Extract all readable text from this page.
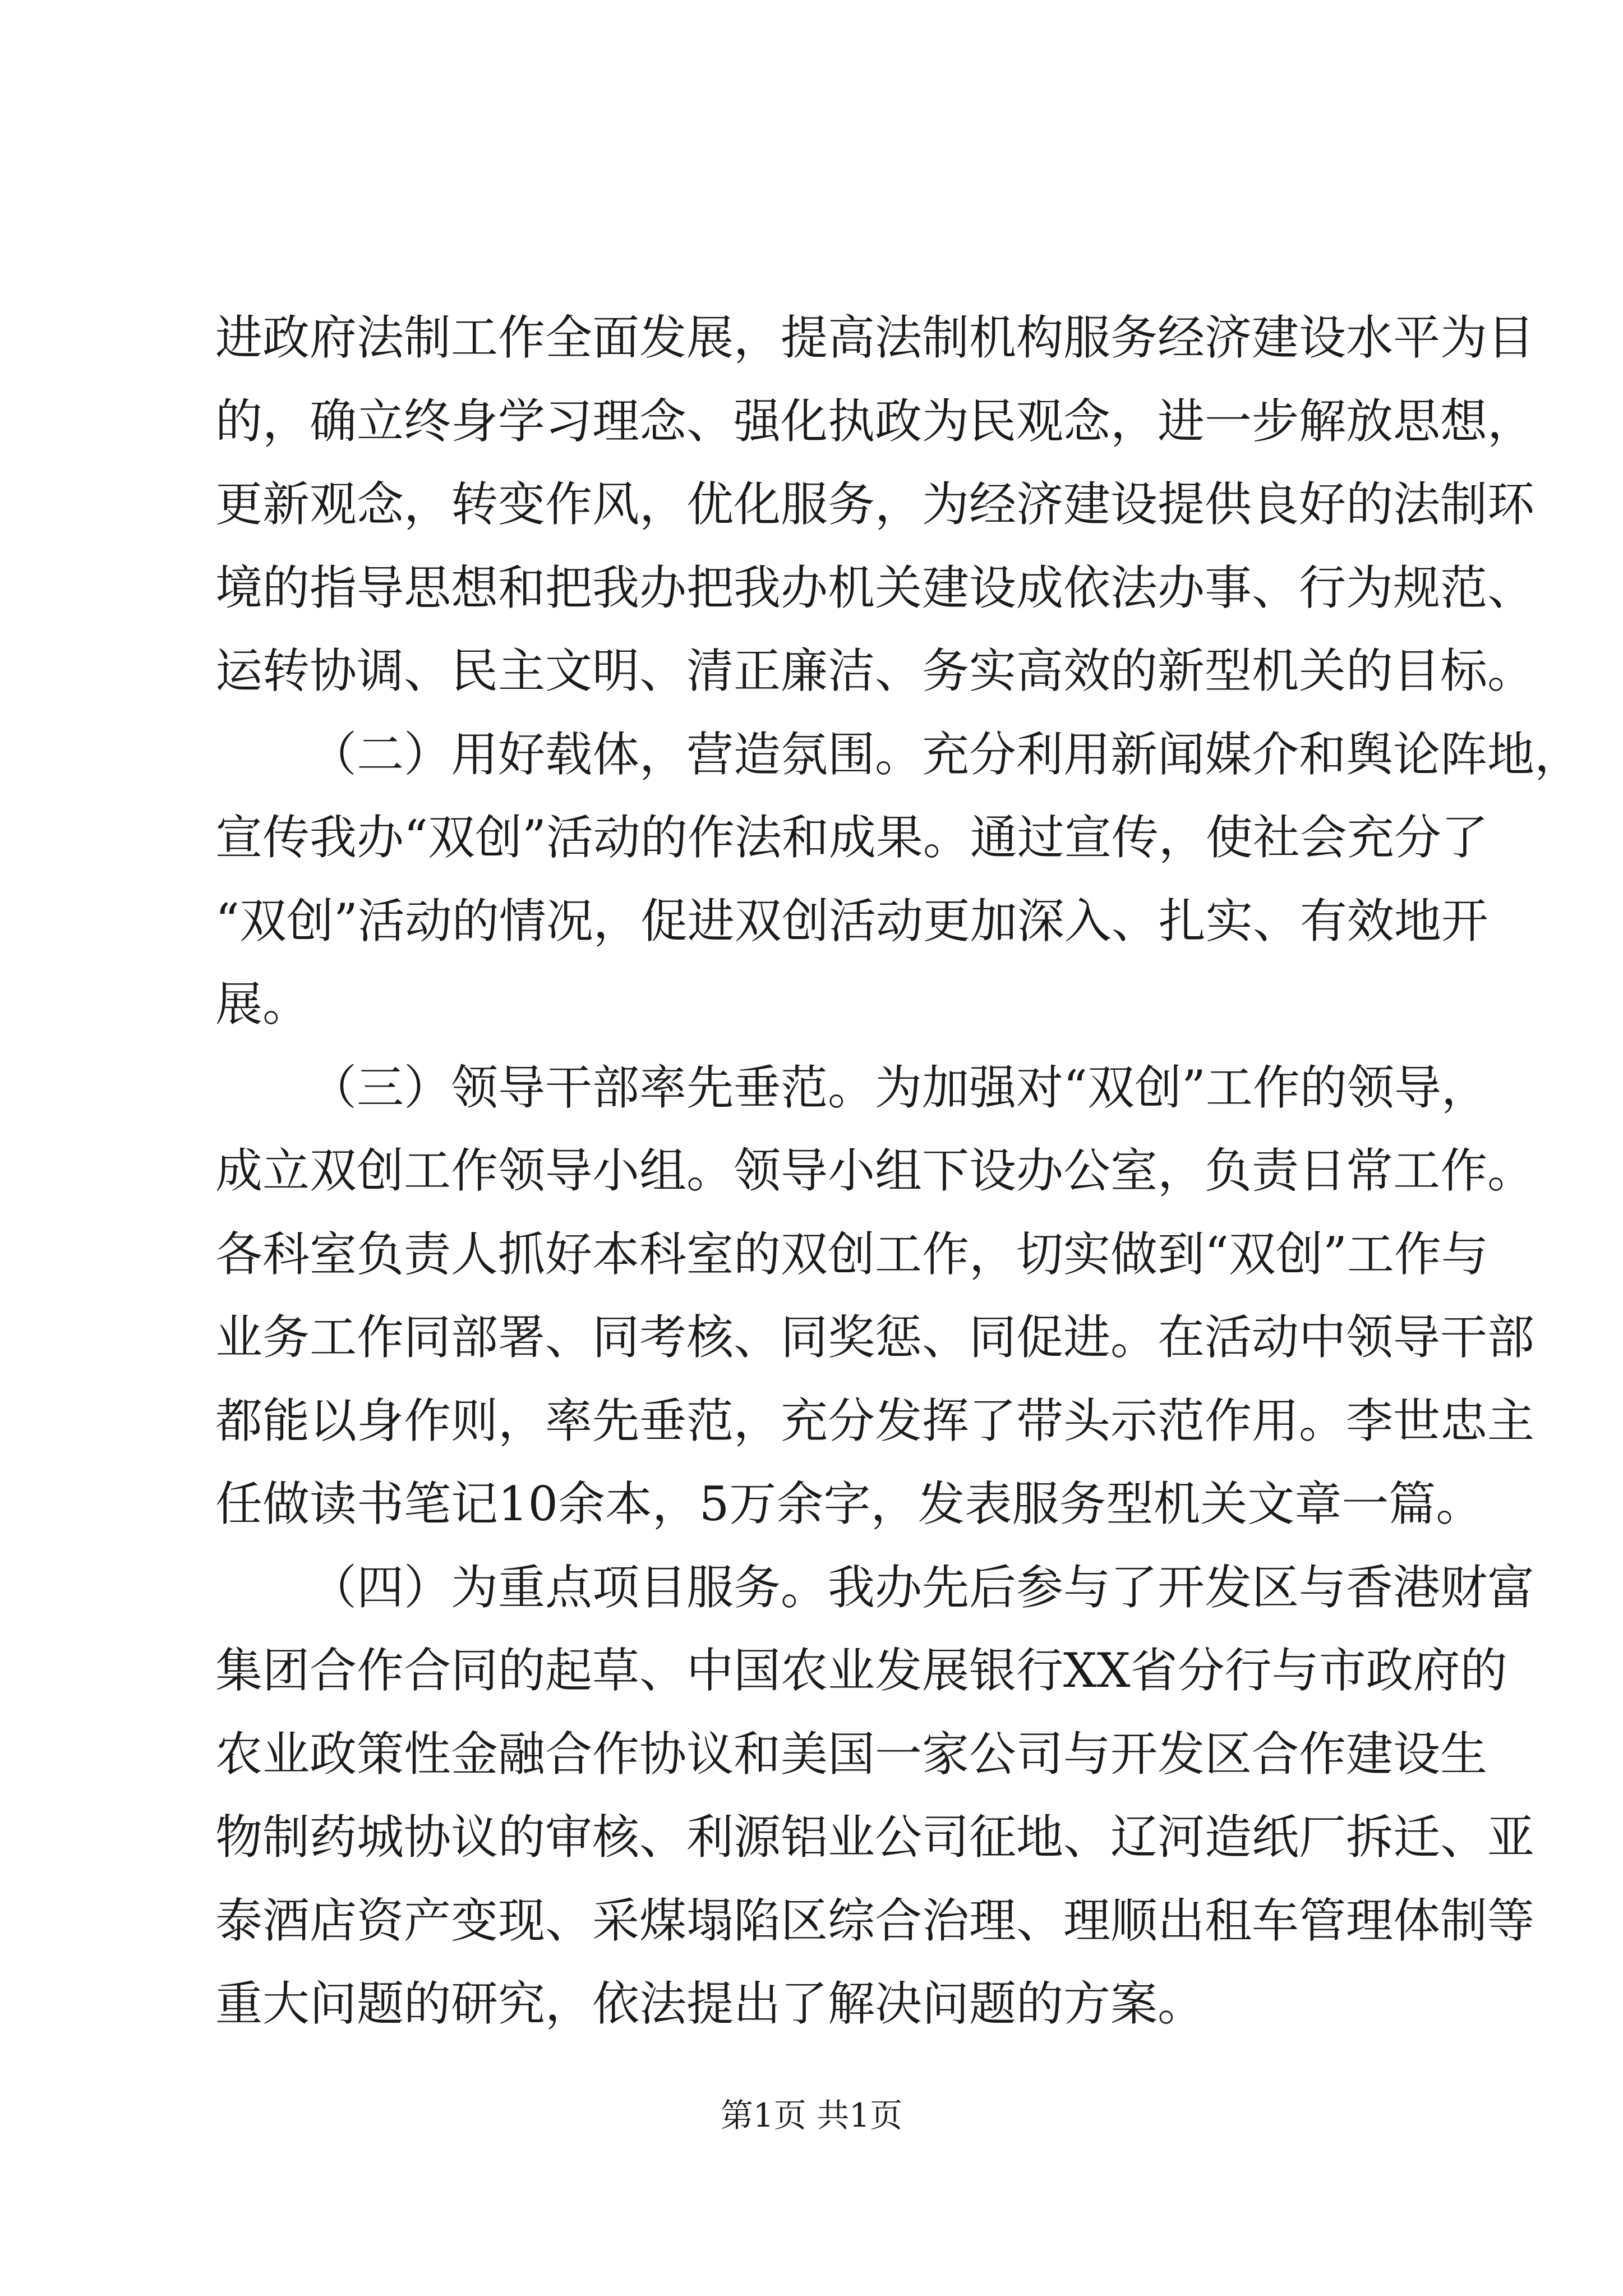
进政府法制工作全面发展，提高法制机构服务经济建设水平为目
的，确立终身学习理念、强化执政为民观念，进一步解放思想，
更新观念，转变作风，优化服务，为经济建设提供良好的法制环
境的指导思想和把我办把我办机关建设成依法办事、行为规范、
运转协调、民主文明、清正廉洁、务实高效的新型机关的目标。
（二）用好载体，营造氛围。充分利用新闻媒介和舆论阵地，
宣传我办“双创”活动的作法和成果。通过宣传，使社会充分了
“双创”活动的情况，促进双创活动更加深入、扎实、有效地开
展。
（三）领导干部率先垂范。为加强对“双创”工作的领导，
成立双创工作领导小组。领导小组下设办公室，负责日常工作。
各科室负责人抓好本科室的双创工作，切实做到“双创”工作与
业务工作同部署、同考核、同奖惩、同促进。在活动中领导干部
都能以身作则，率先垂范，充分发挥了带头示范作用。李世忠主
任做读书笔记10余本，5万余字，发表服务型机关文章一篇。
（四）为重点项目服务。我办先后参与了开发区与香港财富
集团合作合同的起草、中国农业发展银行XX省分行与市政府的
农业政策性金融合作协议和美国一家公司与开发区合作建设生
物制药城协议的审核、利源铝业公司征地、辽河造纸厂拆迁、亚
泰酒店资产变现、采煤塌陷区综合治理、理顺出租车管理体制等
重大问题的研究，依法提出了解决问题的方案。
第1页 共1页
